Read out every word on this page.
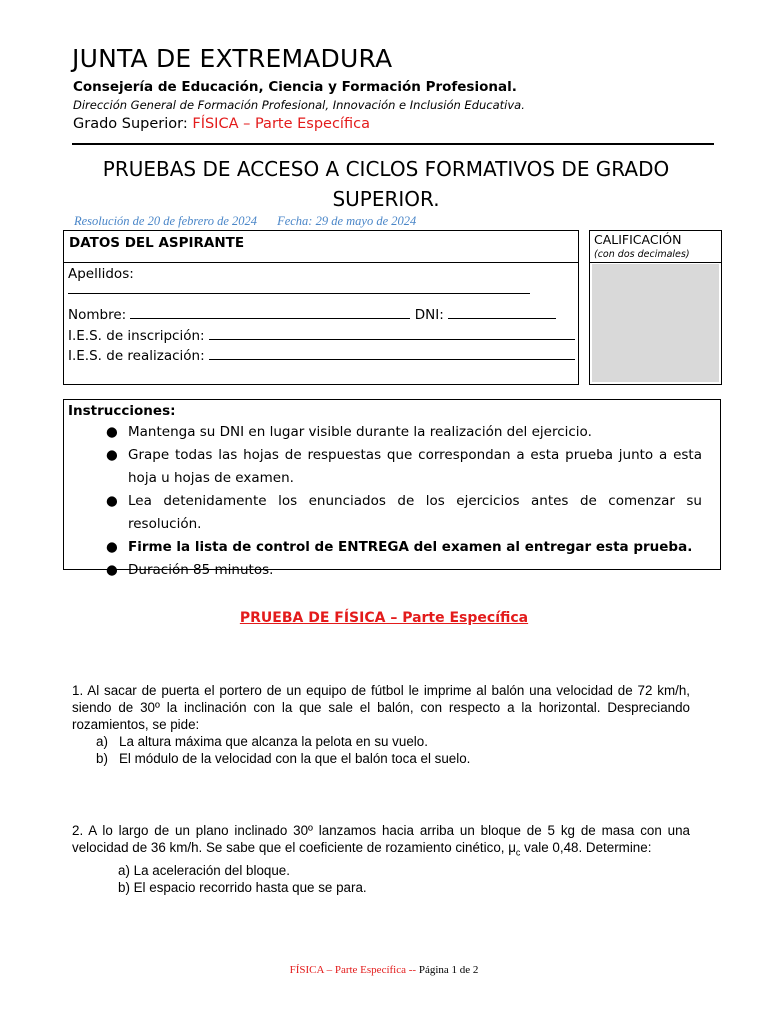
JUNTA DE EXTREMADURA
Consejería de Educación, Ciencia y Formación Profesional.
Dirección General de Formación Profesional, Innovación e Inclusión Educativa.
Grado Superior: FÍSICA – Parte Específica
PRUEBAS DE ACCESO A CICLOS FORMATIVOS DE GRADO
SUPERIOR.
Resolución de 20 de febrero de 2024 Fecha: 29 de mayo de 2024
DATOS DEL ASPIRANTE
Apellidos:
Nombre:	DNI:
I.E.S. de inscripción:
I.E.S. de realización:
CALIFICACIÓN
(con dos decimales)
Instrucciones:
● Mantenga su DNI en lugar visible durante la realización del ejercicio.
● Grape todas las hojas de respuestas que correspondan a esta prueba junto a esta hoja u hojas de examen.
● Lea detenidamente los enunciados de los ejercicios antes de comenzar su resolución.
● Firme la lista de control de ENTREGA del examen al entregar esta prueba.
● Duración 85 minutos.
PRUEBA DE FÍSICA – Parte Específica
1. Al sacar de puerta el portero de un equipo de fútbol le imprime al balón una velocidad de 72 km/h, siendo de 30º la inclinación con la que sale el balón, con respecto a la horizontal. Despreciando rozamientos, se pide:
a) La altura máxima que alcanza la pelota en su vuelo.
b) El módulo de la velocidad con la que el balón toca el suelo.
2. A lo largo de un plano inclinado 30º lanzamos hacia arriba un bloque de 5 kg de masa con una velocidad de 36 km/h. Se sabe que el coeficiente de rozamiento cinético, $\mu_c$ vale 0,48. Determine:
a) La aceleración del bloque.
b) El espacio recorrido hasta que se para.
FÍSICA – Parte Específica -- Página 1 de 2
